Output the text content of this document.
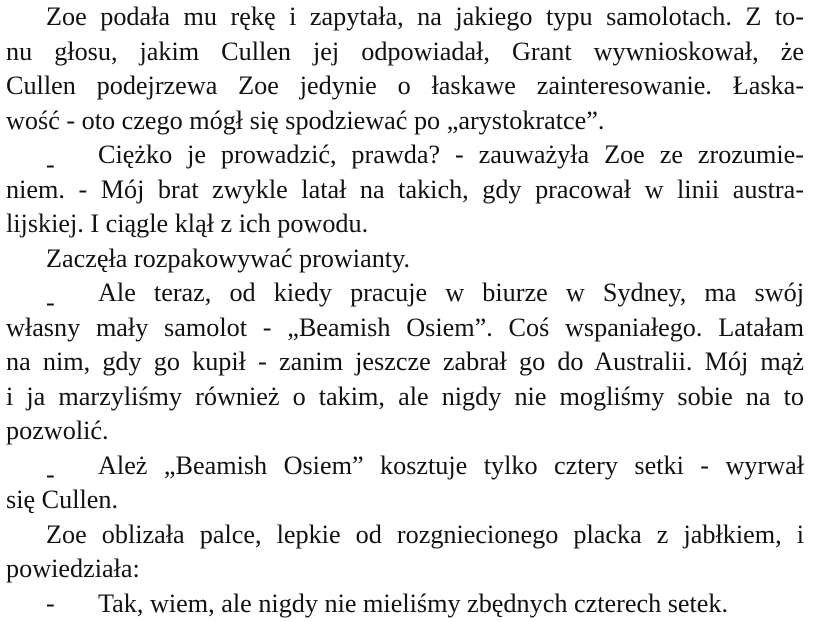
Zoe podała mu rękę i zapytała, na jakiego typu samolotach. Z to-
nu głosu, jakim Cullen jej odpowiadał, Grant wywnioskował, że
Cullen podejrzewa Zoe jedynie o łaskawe zainteresowanie. Łaska-
wość - oto czego mógł się spodziewać po „arystokratce”.
- Ciężko je prowadzić, prawda? - zauważyła Zoe ze zrozumie-
niem. - Mój brat zwykle latał na takich, gdy pracował w linii austra-
lijskiej. I ciągle klął z ich powodu.
Zaczęła rozpakowywać prowianty.
- Ale teraz, od kiedy pracuje w biurze w Sydney, ma swój
własny mały samolot - „Beamish Osiem”. Coś wspaniałego. Latałam
na nim, gdy go kupił - zanim jeszcze zabrał go do Australii. Mój mąż
i ja marzyliśmy również o takim, ale nigdy nie mogliśmy sobie na to
pozwolić.
- Ależ „Beamish Osiem” kosztuje tylko cztery setki - wyrwał
się Cullen.
Zoe oblizała palce, lepkie od rozgniecionego placka z jabłkiem, i
powiedziała:
- Tak, wiem, ale nigdy nie mieliśmy zbędnych czterech setek.
